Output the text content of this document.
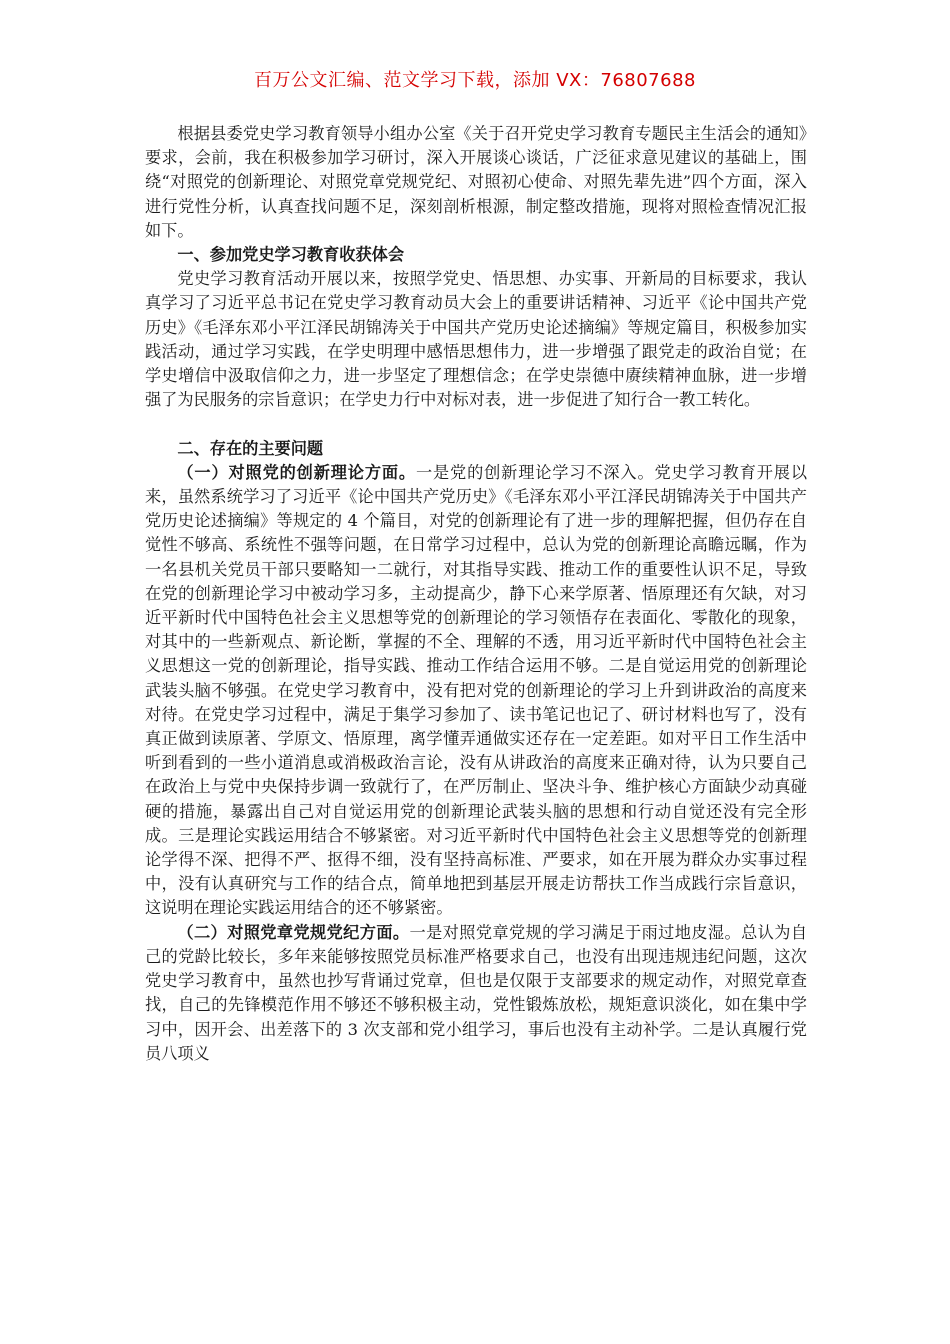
百万公文汇编、范文学习下载，添加 VX：76807688

根据县委党史学习教育领导小组办公室《关于召开党史学习教育专题民主生活会的通知》要求，会前，我在积极参加学习研讨，深入开展谈心谈话，广泛征求意见建议的基础上，围绕“对照党的创新理论、对照党章党规党纪、对照初心使命、对照先辈先进”四个方面，深入进行党性分析，认真查找问题不足，深刻剖析根源，制定整改措施，现将对照检查情况汇报如下。

一、参加党史学习教育收获体会

党史学习教育活动开展以来，按照学党史、悟思想、办实事、开新局的目标要求，我认真学习了习近平总书记在党史学习教育动员大会上的重要讲话精神、习近平《论中国共产党历史》《毛泽东邓小平江泽民胡锦涛关于中国共产党历史论述摘编》等规定篇目，积极参加实践活动，通过学习实践，在学史明理中感悟思想伟力，进一步增强了跟党走的政治自觉；在学史增信中汲取信仰之力，进一步坚定了理想信念；在学史崇德中赓续精神血脉，进一步增强了为民服务的宗旨意识；在学史力行中对标对表，进一步促进了知行合一教工转化。

二、存在的主要问题

（一）对照党的创新理论方面。一是党的创新理论学习不深入。党史学习教育开展以来，虽然系统学习了习近平《论中国共产党历史》《毛泽东邓小平江泽民胡锦涛关于中国共产党历史论述摘编》等规定的 4 个篇目，对党的创新理论有了进一步的理解把握，但仍存在自觉性不够高、系统性不强等问题，在日常学习过程中，总认为党的创新理论高瞻远瞩，作为一名县机关党员干部只要略知一二就行，对其指导实践、推动工作的重要性认识不足，导致在党的创新理论学习中被动学习多，主动提高少，静下心来学原著、悟原理还有欠缺，对习近平新时代中国特色社会主义思想等党的创新理论的学习领悟存在表面化、零散化的现象，对其中的一些新观点、新论断，掌握的不全、理解的不透，用习近平新时代中国特色社会主义思想这一党的创新理论，指导实践、推动工作结合运用不够。二是自觉运用党的创新理论武装头脑不够强。在党史学习教育中，没有把对党的创新理论的学习上升到讲政治的高度来对待。在党史学习过程中，满足于集学习参加了、读书笔记也记了、研讨材料也写了，没有真正做到读原著、学原文、悟原理，离学懂弄通做实还存在一定差距。如对平日工作生活中听到看到的一些小道消息或消极政治言论，没有从讲政治的高度来正确对待，认为只要自己在政治上与党中央保持步调一致就行了，在严厉制止、坚决斗争、维护核心方面缺少动真碰硬的措施，暴露出自己对自觉运用党的创新理论武装头脑的思想和行动自觉还没有完全形成。三是理论实践运用结合不够紧密。对习近平新时代中国特色社会主义思想等党的创新理论学得不深、把得不严、抠得不细，没有坚持高标准、严要求，如在开展为群众办实事过程中，没有认真研究与工作的结合点，简单地把到基层开展走访帮扶工作当成践行宗旨意识，这说明在理论实践运用结合的还不够紧密。

（二）对照党章党规党纪方面。一是对照党章党规的学习满足于雨过地皮湿。总认为自己的党龄比较长，多年来能够按照党员标准严格要求自己，也没有出现违规违纪问题，这次党史学习教育中，虽然也抄写背诵过党章，但也是仅限于支部要求的规定动作，对照党章查找，自己的先锋模范作用不够还不够积极主动，党性锻炼放松，规矩意识淡化，如在集中学习中，因开会、出差落下的 3 次支部和党小组学习，事后也没有主动补学。二是认真履行党员八项义
